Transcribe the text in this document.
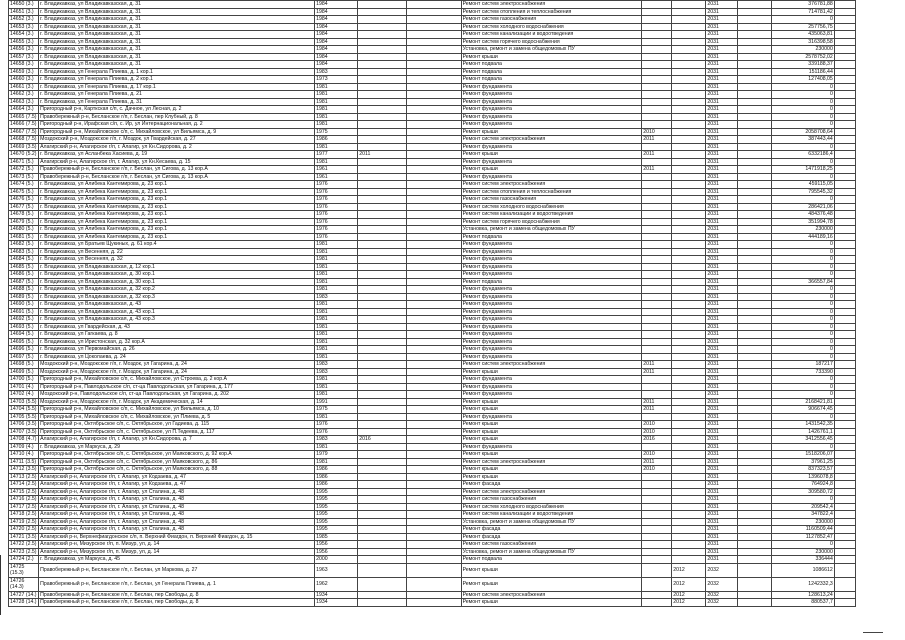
14650 (3.)	г. Владикавказ, ул Владикавказская, д. 31	1984			Ремонт систем электроснабжения			2031		376781,88	
14651 (3.)	г. Владикавказ, ул Владикавказская, д. 31	1984			Ремонт систем отопления и теплоснабжения			2031		714781,42	
14652 (3.)	г. Владикавказ, ул Владикавказская, д. 31	1984			Ремонт систем газоснабжения			2031		0	
14653 (3.)	г. Владикавказ, ул Владикавказская, д. 31	1984			Ремонт систем холодного водоснабжения			2031		257756,75	
14654 (3.)	г. Владикавказ, ул Владикавказская, д. 31	1984			Ремонт систем канализации и водоотведения			2031		435063,81	
14655 (3.)	г. Владикавказ, ул Владикавказская, д. 31	1984			Ремонт систем горячего водоснабжения			2031		316398,58	
14656 (3.)	г. Владикавказ, ул Владикавказская, д. 31	1984			Установка, ремонт и замена общедомовых ПУ			2031		230000	
14657 (3.)	г. Владикавказ, ул Владикавказская, д. 31	1984			Ремонт крыши			2031		2578752,02	
14658 (3.)	г. Владикавказ, ул Владикавказская, д. 31	1984			Ремонт подвала			2031		339188,37	
14659 (3.)	г. Владикавказ, ул Генерала Плиева, д. 1 кор.1	1983			Ремонт подвала			2031		151186,44	
14660 (3.)	г. Владикавказ, ул Генерала Плиева, д. 2 кор.1	1973			Ремонт подвала			2031		127408,05	
14661 (3.)	г. Владикавказ, ул Генерала Плиева, д. 17 кор.1	1981			Ремонт фундамента			2031		0	
14662 (3.)	г. Владикавказ, ул Генерала Плиева, д. 21	1981			Ремонт фундамента			2031		0	
14663 (3.)	г. Владикавказ, ул Генерала Плиева, д. 31	1981			Ремонт фундамента			2031		0	
14664 (3.)	Пригородный р-н, Карткская с/п, с. Дачное, ул Лесная, д. 2	1981			Ремонт фундамента			2031		0	
14665 (7.5)	Правобережный р-н, Бесланское г/п, г. Беслан, пер Клубный, д. 8	1981			Ремонт фундамента			2031		0	
14666 (7.5)	Пригородный р-н, Ирафская с/п, с. Ир, ул Интернациональная, д. 2	1981			Ремонт фундамента			2031		0	
14667 (7.5)	Пригородный р-н, Михайловское с/п, с. Михайловское, ул Вильямса, д. 9	1975			Ремонт крыши	2010		2031		2058708,64	
14668 (7.5)	Моздокский р-н, Моздокское г/п, г. Моздок, ул Гвардейская, д. 27	1986			Ремонт систем электроснабжения	2011		2031		387443,44	
14669 (3.5)	Алагирский р-н, Алагирское г/п, г. Алагир, ул Кн.Сидорова, д. 2	1981			Ремонт фундамента			2031		0	
14670 (5.2)	г. Владикавказ, ул Асланбека Хасиева, д. 19	1977	2011		Ремонт крыши	2011		2031		6332186,4	
14671 (5.)	Алагирский р-н, Алагирское г/п, г. Алагир, ул Кн.Кесаева, д. 15	1981			Ремонт фундамента			2031		0	
14672 (5.)	Правобережный р-н, Бесланское г/п, г. Беслан, ул Сигова, д. 13 кор.А	1961			Ремонт крыши	2011		2031		1471918,25	
14673 (5.)	Правобережный р-н, Бесланское г/п, г. Беслан, ул Сигова, д. 13 кор.А	1961			Ремонт фундамента			2031		0	
14674 (5.)	г. Владикавказ, ул Алибека Кантемирова, д. 23 кор.1	1976			Ремонт систем электроснабжения			2031		459115,05	
14675 (5.)	г. Владикавказ, ул Алибека Кантемирова, д. 23 кор.1	1976			Ремонт систем отопления и теплоснабжения			2031		795545,32	
14676 (5.)	г. Владикавказ, ул Алибека Кантемирова, д. 23 кор.1	1976			Ремонт систем газоснабжения			2031		0	
14677 (5.)	г. Владикавказ, ул Алибека Кантемирова, д. 23 кор.1	1976			Ремонт систем холодного водоснабжения			2031		286421,06	
14678 (5.)	г. Владикавказ, ул Алибека Кантемирова, д. 23 кор.1	1976			Ремонт систем канализации и водоотведения			2031		484376,48	
14679 (5.)	г. Владикавказ, ул Алибека Кантемирова, д. 23 кор.1	1976			Ремонт систем горячего водоснабжения			2031		351994,78	
14680 (5.)	г. Владикавказ, ул Алибека Кантемирова, д. 23 кор.1	1976			Установка, ремонт и замена общедомовых ПУ			2031		230000	
14681 (5.)	г. Владикавказ, ул Алибека Кантемирова, д. 23 кор.1	1976			Ремонт подвала			2031		444189,16	
14682 (5.)	г. Владикавказ, ул Братьев Щукиных, д. 61 кор.4	1981			Ремонт фундамента			2031		0	
14683 (5.)	г. Владикавказ, ул Весенняя, д. 22	1981			Ремонт фундамента			2031		0	
14684 (5.)	г. Владикавказ, ул Весенняя, д. 32	1981			Ремонт фундамента			2031		0	
14685 (5.)	г. Владикавказ, ул Владикавказская, д. 12 кор.1	1981			Ремонт фундамента			2031		0	
14686 (5.)	г. Владикавказ, ул Владикавказская, д. 30 кор.1	1981			Ремонт фундамента			2031		0	
14687 (5.)	г. Владикавказ, ул Владикавказская, д. 30 кор.1	1981			Ремонт подвала			2031		366557,84	
14688 (5.)	г. Владикавказ, ул Владикавказская, д. 32 кор.2	1981			Ремонт фундамента			2031		0	
14689 (5.)	г. Владикавказ, ул Владикавказская, д. 32 кор.3	1983			Ремонт фундамента			2031		0	
14690 (5.)	г. Владикавказ, ул Владикавказская, д. 43	1981			Ремонт фундамента			2031		0	
14691 (5.)	г. Владикавказ, ул Владикавказская, д. 43 кор.1	1981			Ремонт фундамента			2031		0	
14692 (5.)	г. Владикавказ, ул Владикавказская, д. 43 кор.3	1981			Ремонт фундамента			2031		0	
14693 (5.)	г. Владикавказ, ул Гвардейская, д. 43	1981			Ремонт фундамента			2031		0	
14694 (5.)	г. Владикавказ, ул Гагкаева, д. 8	1981			Ремонт фундамента			2031		0	
14695 (5.)	г. Владикавказ, ул Иристонская, д. 32 кор.А	1981			Ремонт фундамента			2031		0	
14696 (5.)	г. Владикавказ, ул Первомайская, д. 26	1981			Ремонт фундамента			2031		0	
14697 (5.)	г. Владикавказ, ул Цоколаева, д. 24	1981			Ремонт фундамента			2031		0	
14698 (5.)	Моздокский р-н, Моздокское г/п, г. Моздок, ул Гагарина, д. 24	1983			Ремонт систем электроснабжения	2011		2031		187217	
14699 (5.)	Моздокский р-н, Моздокское г/п, г. Моздок, ул Гагарина, д. 24	1983			Ремонт крыши	2011		2031		733390	
14700 (5.)	Пригородный р-н, Михайловское с/п, с. Михайловское, ул Строева, д. 2 кор.А	1981			Ремонт фундамента			2031		0	
14701 (4.)	Пригородный р-н, Павлодольское с/п, ст-ца Павлодольская, ул Гагарина, д. 177	1981			Ремонт фундамента			2031		0	
14702 (4.)	Моздокский р-н, Павлодольское с/п, ст-ца Павлодольская, ул Гагарина, д. 202	1981			Ремонт фундамента			2031		0	
14703 (5.5)	Моздокский р-н, Моздокское г/п, г. Моздок, ул Академическая, д. 14	1991			Ремонт крыши	2011		2031		2168421,81	
14704 (5.5)	Пригородный р-н, Михайловское с/п, с. Михайловское, ул Вильямса, д. 10	1975			Ремонт крыши	2011		2031		906674,45	
14705 (5.5)	Пригородный р-н, Михайловское с/п, с. Михайловское, ул Плиева, д. 5	1981			Ремонт фундамента			2031		0	
14706 (3.5)	Пригородный р-н, Октябрьское с/п, с. Октябрьское, ул Гадиева, д. 115	1976			Ремонт крыши	2010		2031		1431542,35	
14707 (3.5)	Пригородный р-н, Октябрьское с/п, с. Октябрьское, ул П.Тедеева, д. 117	1976			Ремонт крыши	2010		2031		1426761,1	
14708 (4.7)	Алагирский р-н, Алагирское г/п, г. Алагир, ул Кн.Сидорова, д. 7	1983	2016		Ремонт крыши	2016		2031		3412556,45	
14709 (4.)	г. Владикавказ, ул Маркуса, д. 29	1981			Ремонт фундамента			2031		0	
14710 (4.)	Пригородный р-н, Октябрьское с/п, с. Октябрьское, ул Маяковского, д. 92 кор.А	1979			Ремонт крыши	2010		2031		1518206,07	
14711 (3.5)	Пригородный р-н, Октябрьское с/п, с. Октябрьское, ул Маяковского, д. 86	1981			Ремонт систем электроснабжения	2011		2031		37961,25	
14712 (3.5)	Пригородный р-н, Октябрьское с/п, с. Октябрьское, ул Маяковского, д. 88	1986			Ремонт крыши	2010		2031		837323,57	
14713 (2.5)	Алагирский р-н, Алагирское г/п, г. Алагир, ул Кодзаева, д. 47	1986			Ремонт крыши			2031		1396078,8	
14714 (2.5)	Алагирский р-н, Алагирское г/п, г. Алагир, ул Кодзаева, д. 47	1986			Ремонт фасада			2031		764924,8	
14715 (2.5)	Алагирский р-н, Алагирское г/п, г. Алагир, ул Сталина, д. 48	1995			Ремонт систем электроснабжения			2031		309580,72	
14716 (2.5)	Алагирский р-н, Алагирское г/п, г. Алагир, ул Сталина, д. 48	1995			Ремонт систем газоснабжения			2031		0	
14717 (2.5)	Алагирский р-н, Алагирское г/п, г. Алагир, ул Сталина, д. 48	1995			Ремонт систем холодного водоснабжения			2031		209542,4	
14718 (2.5)	Алагирский р-н, Алагирское г/п, г. Алагир, ул Сталина, д. 48	1995			Ремонт систем канализации и водоотведения			2031		347822,4	
14719 (2.5)	Алагирский р-н, Алагирское г/п, г. Алагир, ул Сталина, д. 48	1995			Установка, ремонт и замена общедомовых ПУ			2031		230000	
14720 (2.5)	Алагирский р-н, Алагирское г/п, г. Алагир, ул Сталина, д. 48	1995			Ремонт фасада			2031		1160509,44	
14721 (3.5)	Алагирский р-н, Верхнефиагдонское с/п, п. Верхний Фиагдон, п. Верхний Фиагдон, д. 15	1985			Ремонт фасада			2031		1127852,47	
14722 (2.5)	Алагирский р-н, Мизурское г/п, п. Мизур, ул, д. 14	1956			Ремонт систем газоснабжения			2031		0	
14723 (2.5)	Алагирский р-н, Мизурское г/п, п. Мизур, ул, д. 14	1956			Установка, ремонт и замена общедомовых ПУ			2031		230000	
14724 (2.)	г. Владикавказ, ул Маркуса, д. 45	2000			Ремонт подвала			2031		336444	
14725 (15.3)	Правобережный р-н, Бесланское г/п, г. Беслан, ул Маркова, д. 27	1963			Ремонт крыши		2012	2032		1086612	
14726 (14.3)	Правобережный р-н, Бесланское г/п, г. Беслан, ул Генерала Плиева, д. 1	1962			Ремонт крыши		2012	2032		1242332,3	
14727 (14.)	Правобережный р-н, Бесланское г/п, г. Беслан, пер Свободы, д. 8	1934			Ремонт систем электроснабжения		2012	2032		128613,24	
14728 (14.)	Правобережный р-н, Бесланское г/п, г. Беслан, пер Свободы, д. 8	1934			Ремонт крыши		2012	2032		880537,7	
